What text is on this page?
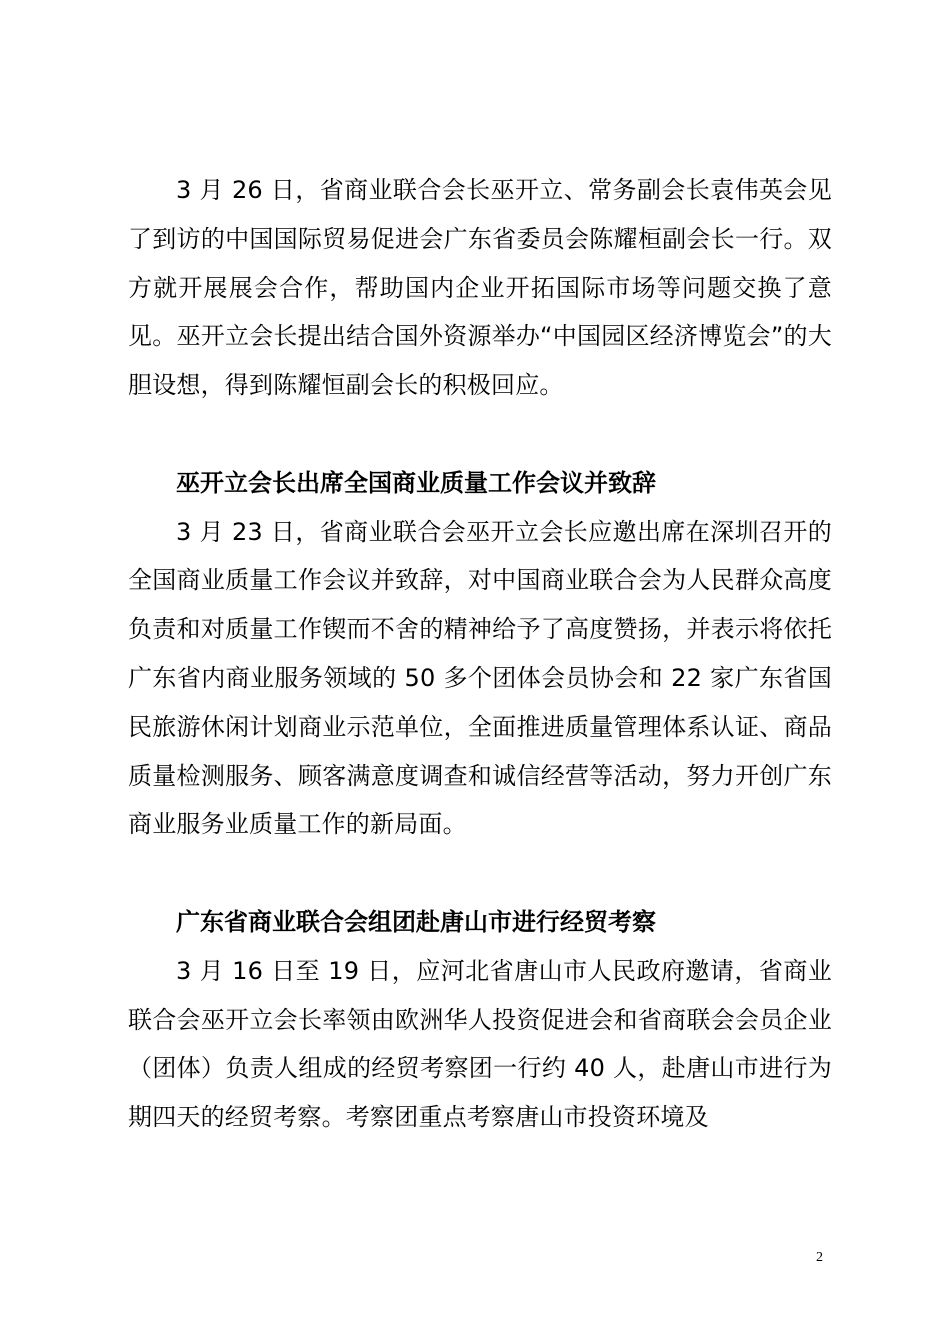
3 月 26 日，省商业联合会长巫开立、常务副会长袁伟英会见了到访的中国国际贸易促进会广东省委员会陈耀桓副会长一行。双方就开展展会合作，帮助国内企业开拓国际市场等问题交换了意见。巫开立会长提出结合国外资源举办“中国园区经济博览会”的大胆设想，得到陈耀恒副会长的积极回应。

巫开立会长出席全国商业质量工作会议并致辞

3 月 23 日，省商业联合会巫开立会长应邀出席在深圳召开的全国商业质量工作会议并致辞，对中国商业联合会为人民群众高度负责和对质量工作锲而不舍的精神给予了高度赞扬，并表示将依托广东省内商业服务领域的 50 多个团体会员协会和 22 家广东省国民旅游休闲计划商业示范单位，全面推进质量管理体系认证、商品质量检测服务、顾客满意度调查和诚信经营等活动，努力开创广东商业服务业质量工作的新局面。

广东省商业联合会组团赴唐山市进行经贸考察

3 月 16 日至 19 日，应河北省唐山市人民政府邀请，省商业联合会巫开立会长率领由欧洲华人投资促进会和省商联会会员企业（团体）负责人组成的经贸考察团一行约 40 人，赴唐山市进行为期四天的经贸考察。考察团重点考察唐山市投资环境及

2
